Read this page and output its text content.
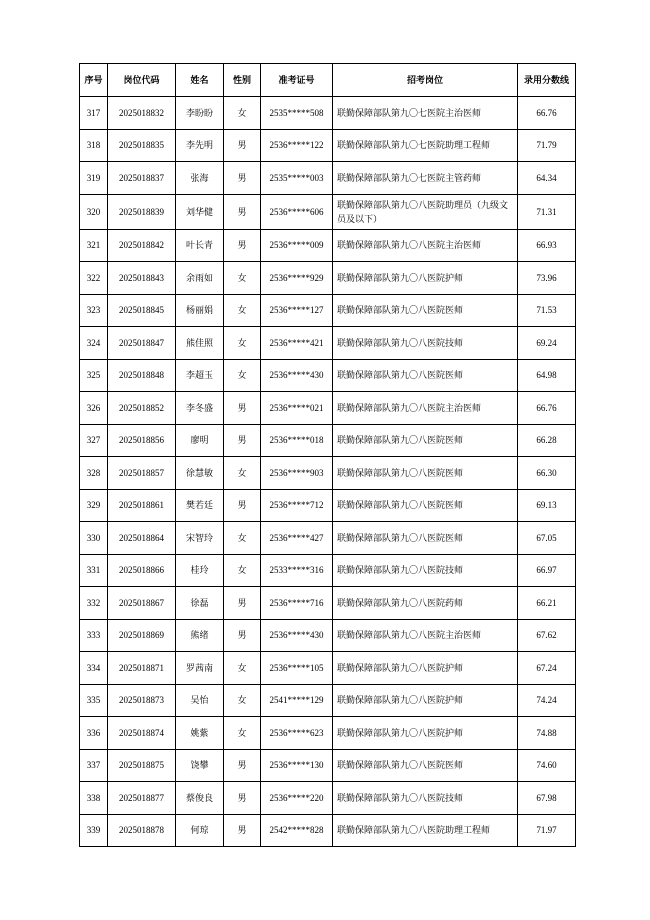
序号	岗位代码	姓名	性别	准考证号	招考岗位	录用分数线
317	2025018832	李盼盼	女	2535*****508	联勤保障部队第九〇七医院主治医师	66.76
318	2025018835	李先明	男	2536*****122	联勤保障部队第九〇七医院助理工程师	71.79
319	2025018837	张海	男	2535*****003	联勤保障部队第九〇七医院主管药师	64.34
320	2025018839	刘华健	男	2536*****606	联勤保障部队第九〇八医院助理员（九级文员及以下）	71.31
321	2025018842	叶长青	男	2536*****009	联勤保障部队第九〇八医院主治医师	66.93
322	2025018843	余雨如	女	2536*****929	联勤保障部队第九〇八医院护师	73.96
323	2025018845	杨丽娟	女	2536*****127	联勤保障部队第九〇八医院医师	71.53
324	2025018847	熊佳照	女	2536*****421	联勤保障部队第九〇八医院技师	69.24
325	2025018848	李超玉	女	2536*****430	联勤保障部队第九〇八医院医师	64.98
326	2025018852	李冬盛	男	2536*****021	联勤保障部队第九〇八医院主治医师	66.76
327	2025018856	廖明	男	2536*****018	联勤保障部队第九〇八医院医师	66.28
328	2025018857	徐慧敏	女	2536*****903	联勤保障部队第九〇八医院医师	66.30
329	2025018861	樊若廷	男	2536*****712	联勤保障部队第九〇八医院医师	69.13
330	2025018864	宋智玲	女	2536*****427	联勤保障部队第九〇八医院医师	67.05
331	2025018866	桂玲	女	2533*****316	联勤保障部队第九〇八医院技师	66.97
332	2025018867	徐磊	男	2536*****716	联勤保障部队第九〇八医院药师	66.21
333	2025018869	熊绪	男	2536*****430	联勤保障部队第九〇八医院主治医师	67.62
334	2025018871	罗茜南	女	2536*****105	联勤保障部队第九〇八医院护师	67.24
335	2025018873	吴怡	女	2541*****129	联勤保障部队第九〇八医院护师	74.24
336	2025018874	姚紫	女	2536*****623	联勤保障部队第九〇八医院护师	74.88
337	2025018875	饶攀	男	2536*****130	联勤保障部队第九〇八医院医师	74.60
338	2025018877	蔡俊良	男	2536*****220	联勤保障部队第九〇八医院技师	67.98
339	2025018878	何琼	男	2542*****828	联勤保障部队第九〇八医院助理工程师	71.97
